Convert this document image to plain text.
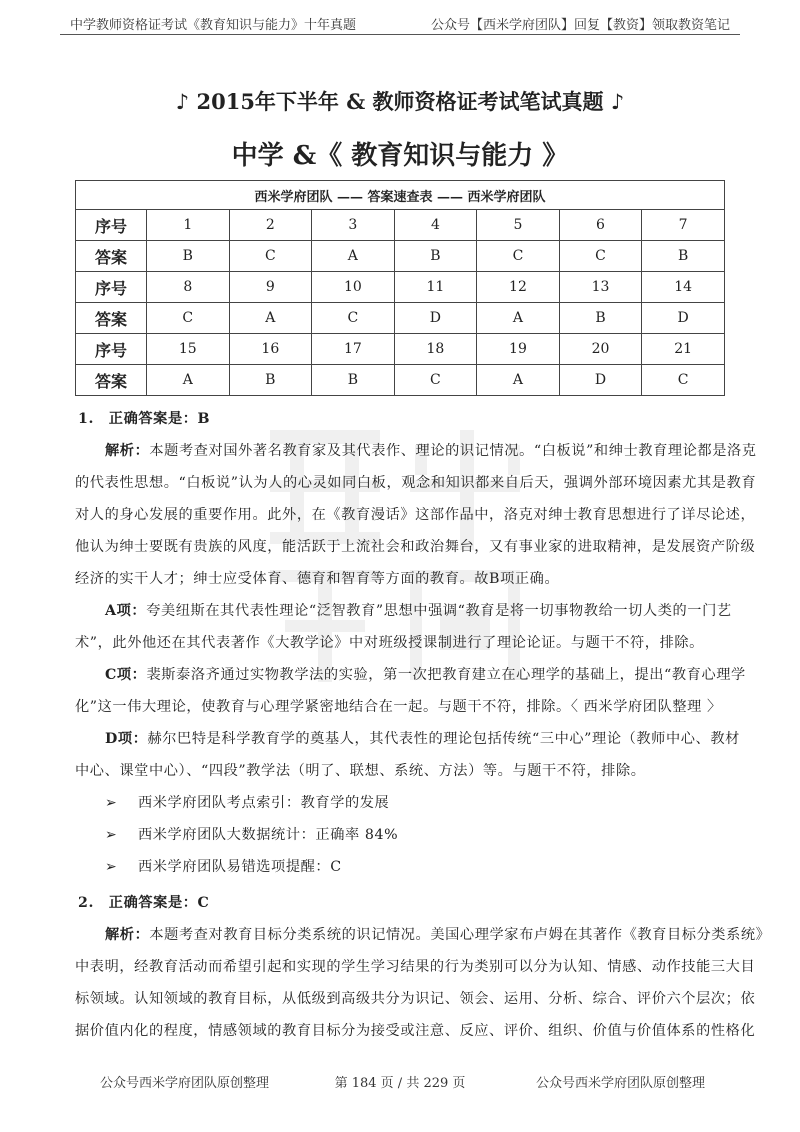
中学教师资格证考试《教育知识与能力》十年真题	公众号【西米学府团队】回复【教资】领取教资笔记
♪ 2015年下半年 & 教师资格证考试笔试真题 ♪
中学 &《 教育知识与能力 》
西米学府团队 —— 答案速查表 —— 西米学府团队							
序号	1	2	3	4	5	6	7
答案	B	C	A	B	C	C	B
序号	8	9	10	11	12	13	14
答案	C	A	C	D	A	B	D
序号	15	16	17	18	19	20	21
答案	A	B	B	C	A	D	C
1.　正确答案是：B
解析：本题考查对国外著名教育家及其代表作、理论的识记情况。“白板说”和绅士教育理论都是洛克
的代表性思想。“白板说”认为人的心灵如同白板，观念和知识都来自后天，强调外部环境因素尤其是教育
对人的身心发展的重要作用。此外，在《教育漫话》这部作品中，洛克对绅士教育思想进行了详尽论述，
他认为绅士要既有贵族的风度，能活跃于上流社会和政治舞台，又有事业家的进取精神，是发展资产阶级
经济的实干人才；绅士应受体育、德育和智育等方面的教育。故B项正确。
A项：夸美纽斯在其代表性理论“泛智教育”思想中强调“教育是将一切事物教给一切人类的一门艺
术”，此外他还在其代表著作《大教学论》中对班级授课制进行了理论论证。与题干不符，排除。
C项：裴斯泰洛齐通过实物教学法的实验，第一次把教育建立在心理学的基础上，提出“教育心理学
化”这一伟大理论，使教育与心理学紧密地结合在一起。与题干不符，排除。〈 西米学府团队整理 〉
D项：赫尔巴特是科学教育学的奠基人，其代表性的理论包括传统“三中心”理论（教师中心、教材
中心、课堂中心）、“四段”教学法（明了、联想、系统、方法）等。与题干不符，排除。
➢ 西米学府团队考点索引：教育学的发展
➢ 西米学府团队大数据统计：正确率 84%
➢ 西米学府团队易错选项提醒：C
2.　正确答案是：C
解析：本题考查对教育目标分类系统的识记情况。美国心理学家布卢姆在其著作《教育目标分类系统》
中表明，经教育活动而希望引起和实现的学生学习结果的行为类别可以分为认知、情感、动作技能三大目
标领域。认知领域的教育目标，从低级到高级共分为识记、领会、运用、分析、综合、评价六个层次；依
据价值内化的程度，情感领域的教育目标分为接受或注意、反应、评价、组织、价值与价值体系的性格化
公众号西米学府团队原创整理	第 184 页 / 共 229 页	公众号西米学府团队原创整理
